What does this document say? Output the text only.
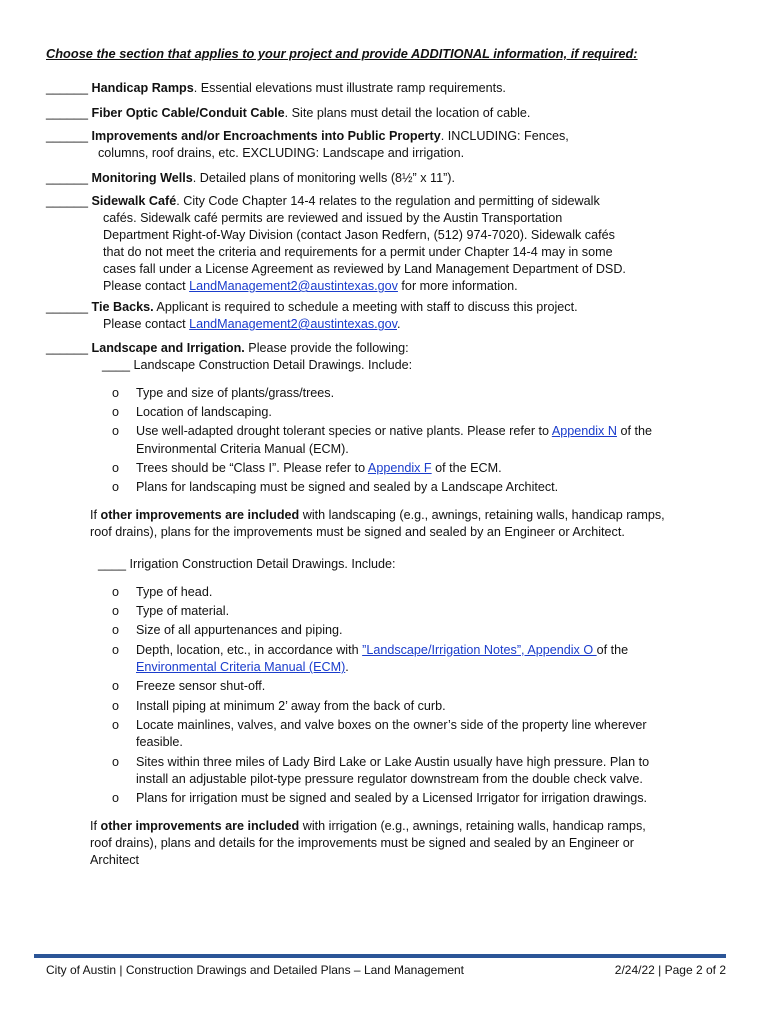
Choose the section that applies to your project and provide ADDITIONAL information, if required:
______ Handicap Ramps. Essential elevations must illustrate ramp requirements.
______ Fiber Optic Cable/Conduit Cable. Site plans must detail the location of cable.
______ Improvements and/or Encroachments into Public Property. INCLUDING: Fences,
columns, roof drains, etc. EXCLUDING: Landscape and irrigation.
______ Monitoring Wells. Detailed plans of monitoring wells (8½” x 11”).
______ Sidewalk Café. City Code Chapter 14-4 relates to the regulation and permitting of sidewalk
cafés. Sidewalk café permits are reviewed and issued by the Austin Transportation
Department Right-of-Way Division (contact Jason Redfern, (512) 974-7020). Sidewalk cafés
that do not meet the criteria and requirements for a permit under Chapter 14-4 may in some
cases fall under a License Agreement as reviewed by Land Management Department of DSD.
Please contact LandManagement2@austintexas.gov for more information.
______ Tie Backs. Applicant is required to schedule a meeting with staff to discuss this project.
Please contact LandManagement2@austintexas.gov.
______ Landscape and Irrigation. Please provide the following:
____ Landscape Construction Detail Drawings. Include:
o Type and size of plants/grass/trees.
o Location of landscaping.
o Use well-adapted drought tolerant species or native plants. Please refer to Appendix N of the
Environmental Criteria Manual (ECM).
o Trees should be “Class I”. Please refer to Appendix F of the ECM.
o Plans for landscaping must be signed and sealed by a Landscape Architect.
If other improvements are included with landscaping (e.g., awnings, retaining walls, handicap ramps,
roof drains), plans for the improvements must be signed and sealed by an Engineer or Architect.
____ Irrigation Construction Detail Drawings. Include:
o Type of head.
o Type of material.
o Size of all appurtenances and piping.
o Depth, location, etc., in accordance with ”Landscape/Irrigation Notes”, Appendix O of the
Environmental Criteria Manual (ECM).
o Freeze sensor shut-off.
o Install piping at minimum 2’ away from the back of curb.
o Locate mainlines, valves, and valve boxes on the owner’s side of the property line wherever
feasible.
o Sites within three miles of Lady Bird Lake or Lake Austin usually have high pressure. Plan to
install an adjustable pilot-type pressure regulator downstream from the double check valve.
o Plans for irrigation must be signed and sealed by a Licensed Irrigator for irrigation drawings.
If other improvements are included with irrigation (e.g., awnings, retaining walls, handicap ramps,
roof drains), plans and details for the improvements must be signed and sealed by an Engineer or
Architect
City of Austin | Construction Drawings and Detailed Plans – Land Management	2/24/22 | Page 2 of 2
